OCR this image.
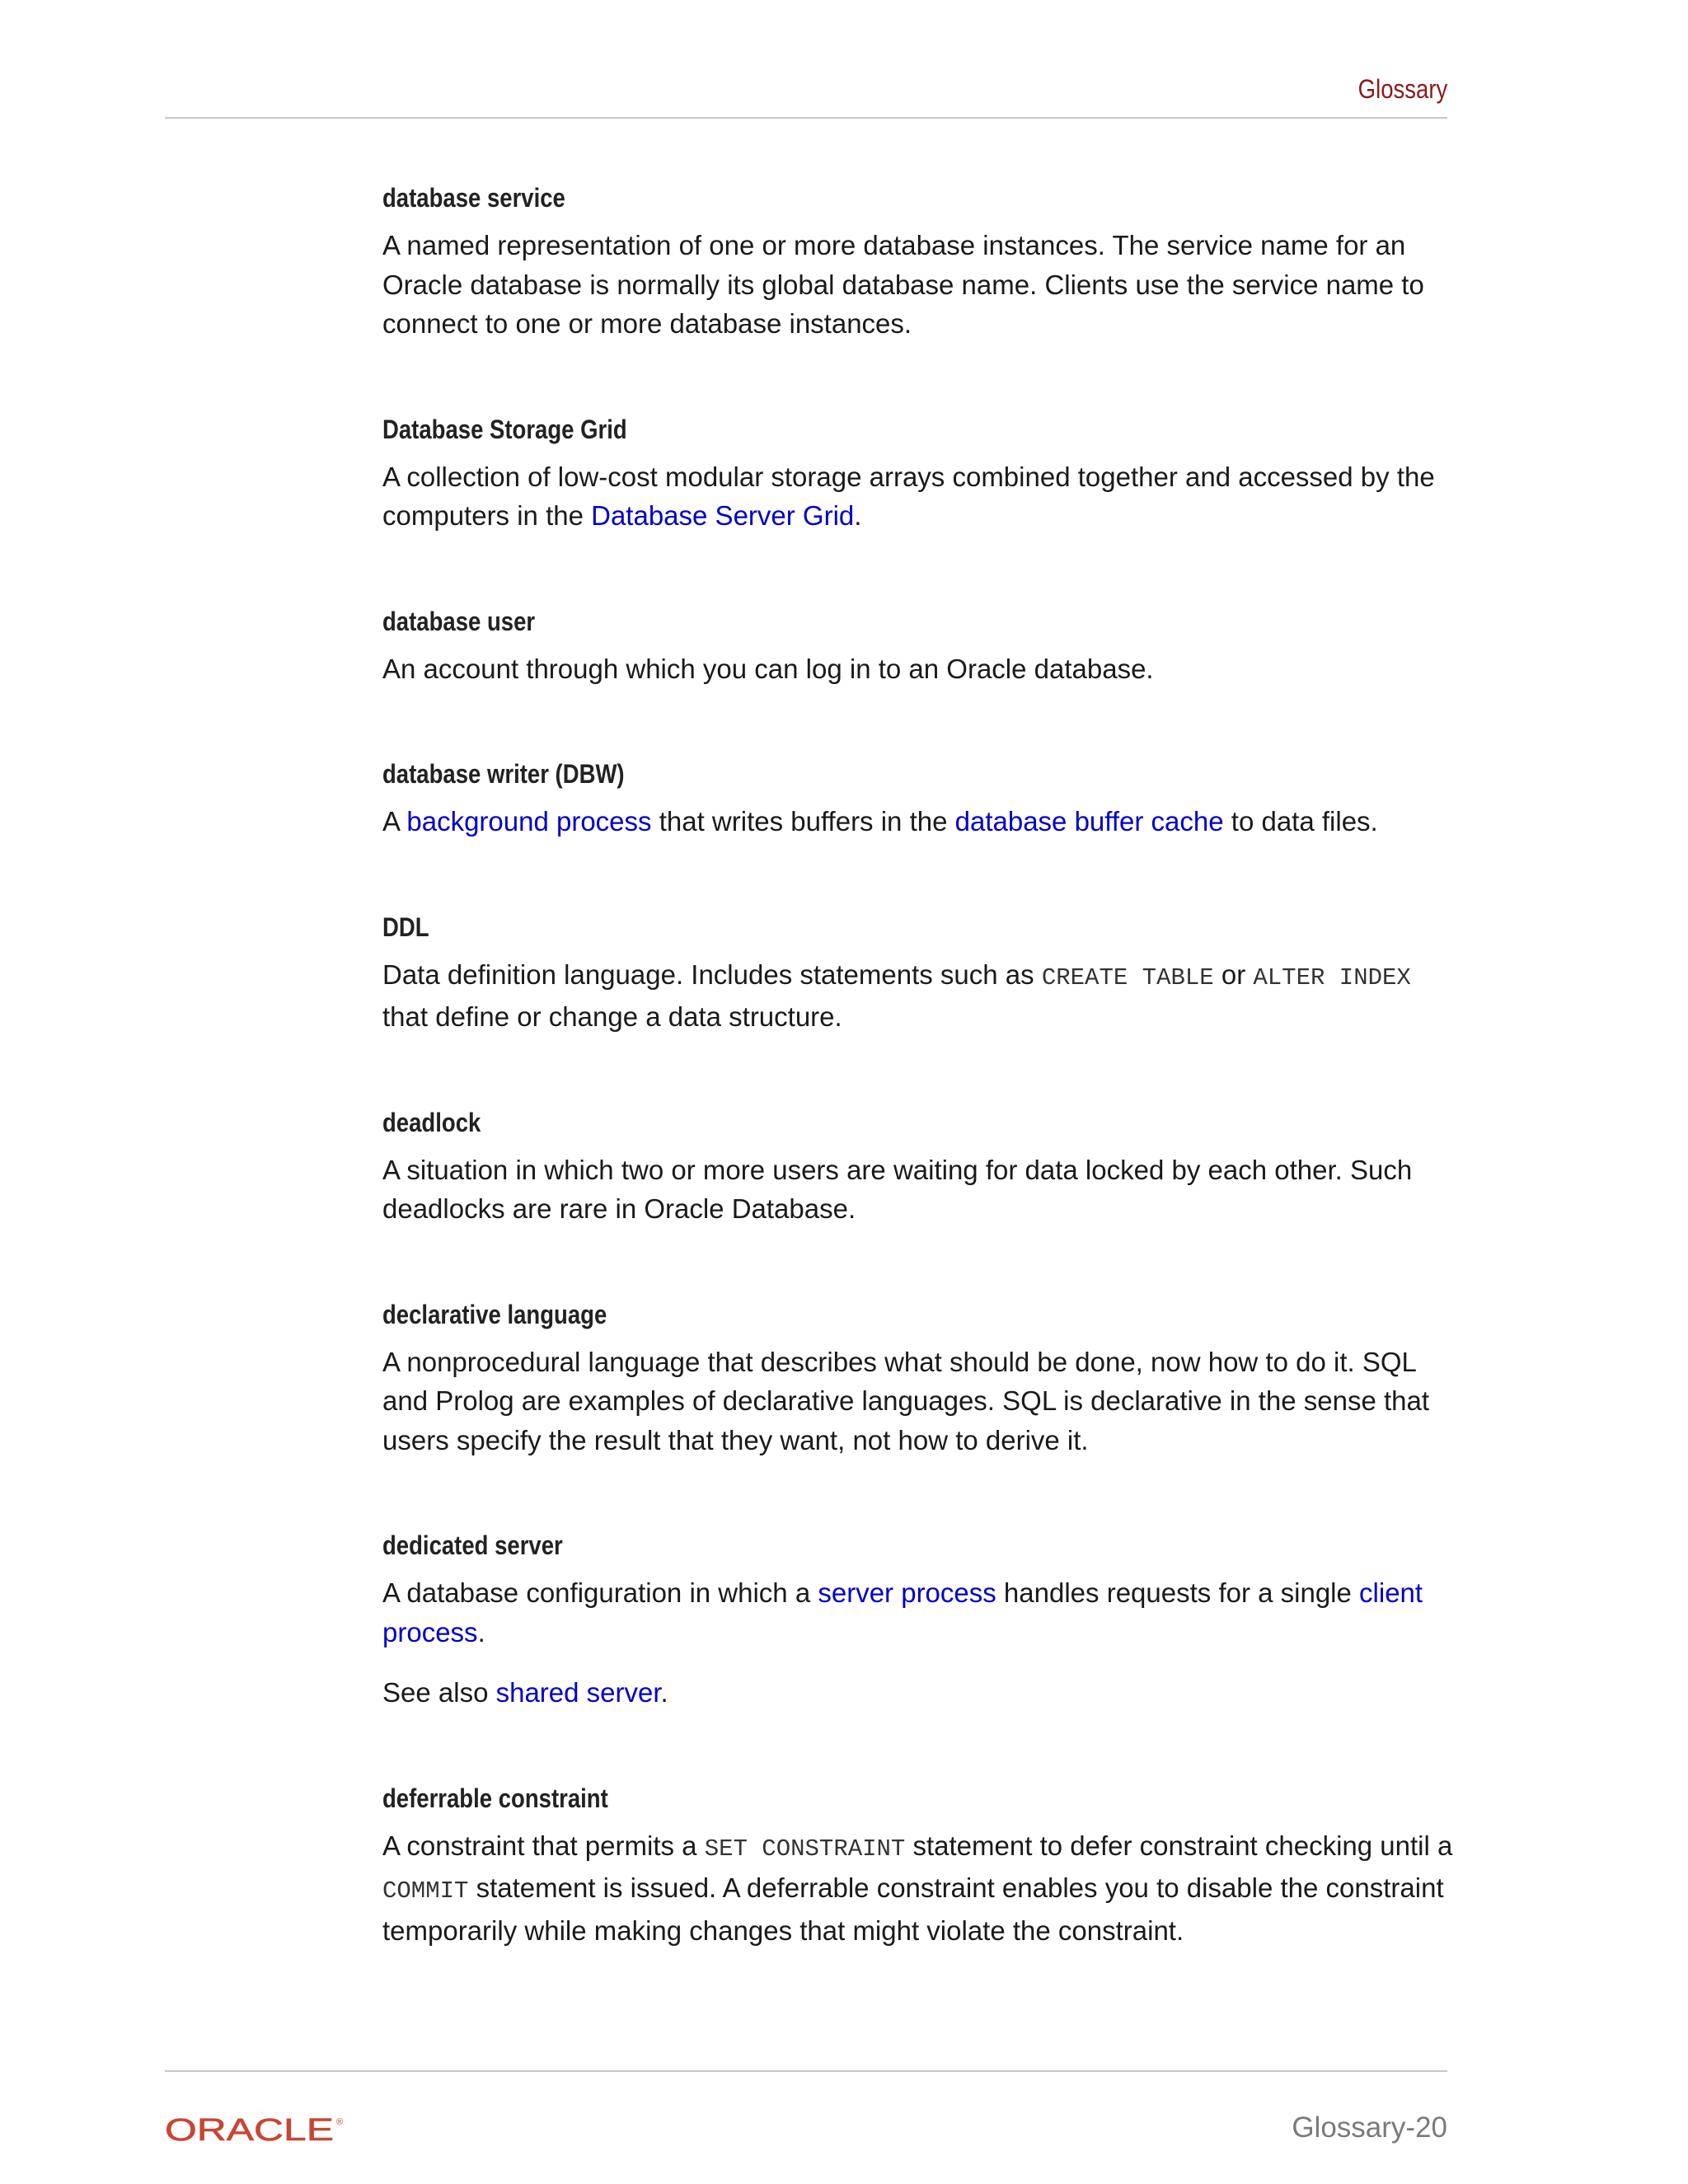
Glossary
database service

A named representation of one or more database instances. The service name for an Oracle database is normally its global database name. Clients use the service name to connect to one or more database instances.

Database Storage Grid

A collection of low-cost modular storage arrays combined together and accessed by the computers in the Database Server Grid.

database user

An account through which you can log in to an Oracle database.

database writer (DBW)

A background process that writes buffers in the database buffer cache to data files.

DDL

Data definition language. Includes statements such as CREATE TABLE or ALTER INDEX that define or change a data structure.

deadlock

A situation in which two or more users are waiting for data locked by each other. Such deadlocks are rare in Oracle Database.

declarative language

A nonprocedural language that describes what should be done, now how to do it. SQL and Prolog are examples of declarative languages. SQL is declarative in the sense that users specify the result that they want, not how to derive it.

dedicated server

A database configuration in which a server process handles requests for a single client process.

See also shared server.

deferrable constraint

A constraint that permits a SET CONSTRAINT statement to defer constraint checking until a COMMIT statement is issued. A deferrable constraint enables you to disable the constraint temporarily while making changes that might violate the constraint.

ORACLE ®	Glossary-20
